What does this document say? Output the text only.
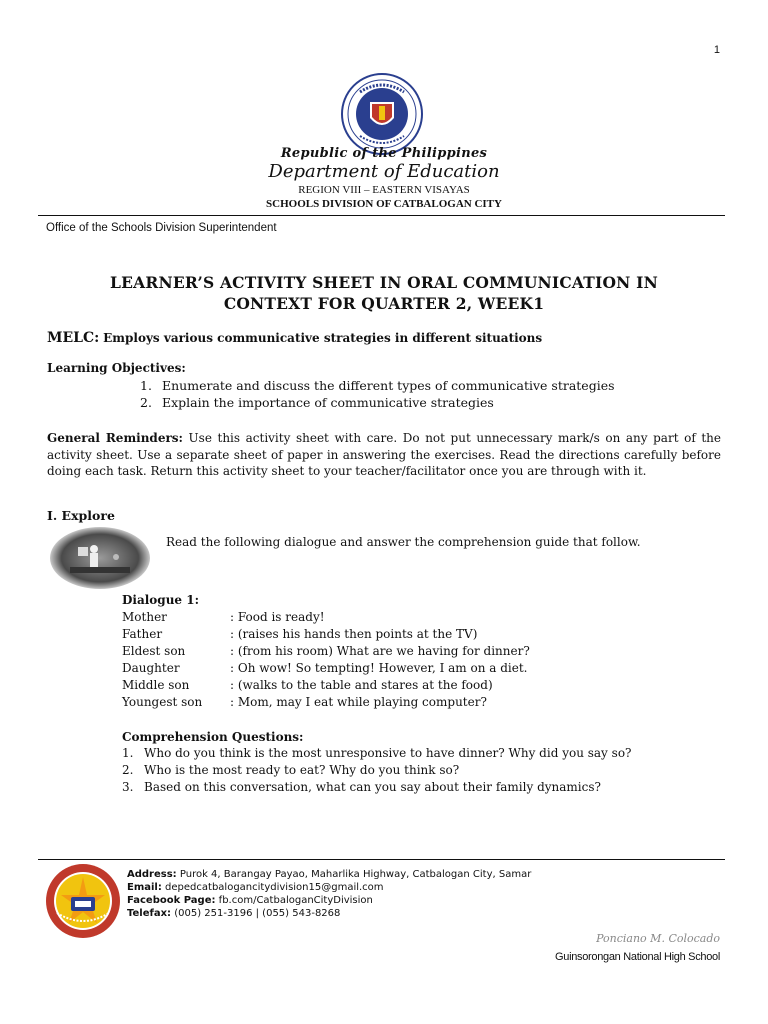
1
Republic of the Philippines
Department of Education
REGION VIII – EASTERN VISAYAS
SCHOOLS DIVISION OF CATBALOGAN CITY
Office of the Schools Division Superintendent
LEARNER’S ACTIVITY SHEET IN ORAL COMMUNICATION IN
CONTEXT FOR QUARTER 2, WEEK1
MELC: Employs various communicative strategies in different situations
Learning Objectives:
1. Enumerate and discuss the different types of communicative strategies
2. Explain the importance of communicative strategies
General Reminders: Use this activity sheet with care. Do not put unnecessary mark/s on any part of the activity sheet. Use a separate sheet of paper in answering the exercises. Read the directions carefully before doing each task. Return this activity sheet to your teacher/facilitator once you are through with it.
I. Explore
Read the following dialogue and answer the comprehension guide that follow.
Dialogue 1:
Mother	: Food is ready!
Father	: (raises his hands then points at the TV)
Eldest son	: (from his room) What are we having for dinner?
Daughter	: Oh wow! So tempting! However, I am on a diet.
Middle son	: (walks to the table and stares at the food)
Youngest son : Mom, may I eat while playing computer?
Comprehension Questions:
1. Who do you think is the most unresponsive to have dinner? Why did you say so?
2. Who is the most ready to eat? Why do you think so?
3. Based on this conversation, what can you say about their family dynamics?
Address: Purok 4, Barangay Payao, Maharlika Highway, Catbalogan City, Samar
Email: depedcatbalogancitydivision15@gmail.com
Facebook Page: fb.com/CatbaloganCityDivision
Telefax: (005) 251-3196 | (055) 543-8268
Ponciano M. Colocado
Guinsorongan National High School
